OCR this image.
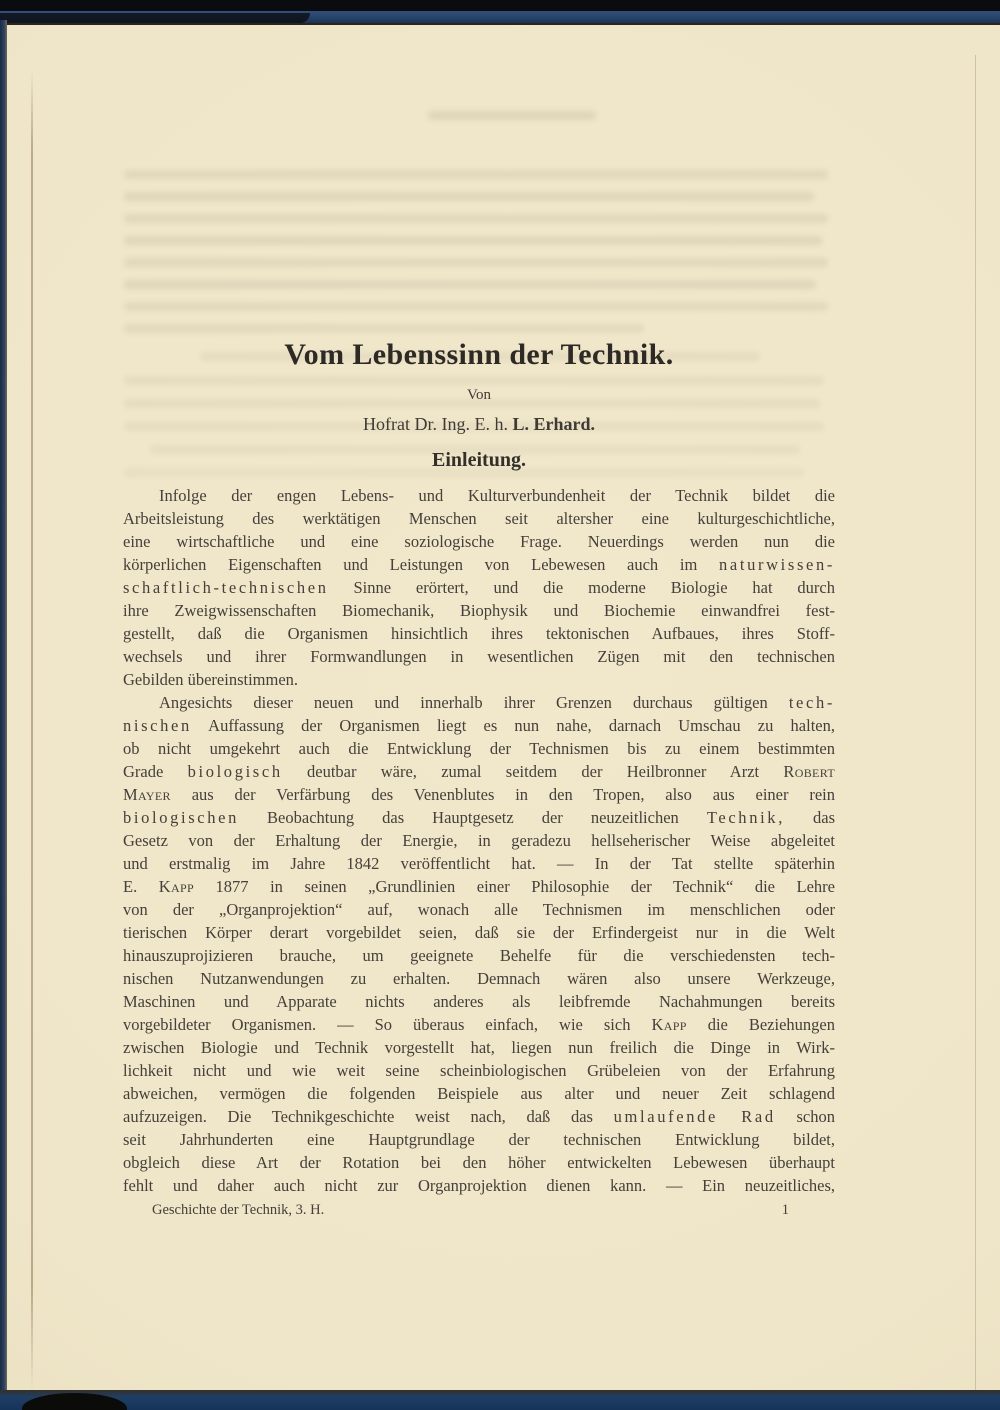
Vom Lebenssinn der Technik.
Von
Hofrat Dr. Ing. E. h. L. Erhard.
Einleitung.
Infolge der engen Lebens- und Kulturverbundenheit der Technik bildet die
Arbeitsleistung des werktätigen Menschen seit altersher eine kulturgeschichtliche,
eine wirtschaftliche und eine soziologische Frage. Neuerdings werden nun die
körperlichen Eigenschaften und Leistungen von Lebewesen auch im naturwissen-
schaftlich-technischen Sinne erörtert, und die moderne Biologie hat durch
ihre Zweigwissenschaften Biomechanik, Biophysik und Biochemie einwandfrei fest-
gestellt, daß die Organismen hinsichtlich ihres tektonischen Aufbaues, ihres Stoff-
wechsels und ihrer Formwandlungen in wesentlichen Zügen mit den technischen
Gebilden übereinstimmen.
Angesichts dieser neuen und innerhalb ihrer Grenzen durchaus gültigen tech-
nischen Auffassung der Organismen liegt es nun nahe, darnach Umschau zu halten,
ob nicht umgekehrt auch die Entwicklung der Technismen bis zu einem bestimmten
Grade biologisch deutbar wäre, zumal seitdem der Heilbronner Arzt Robert
Mayer aus der Verfärbung des Venenblutes in den Tropen, also aus einer rein
biologischen Beobachtung das Hauptgesetz der neuzeitlichen Technik, das
Gesetz von der Erhaltung der Energie, in geradezu hellseherischer Weise abgeleitet
und erstmalig im Jahre 1842 veröffentlicht hat. — In der Tat stellte späterhin
E. Kapp 1877 in seinen „Grundlinien einer Philosophie der Technik“ die Lehre
von der „Organprojektion“ auf, wonach alle Technismen im menschlichen oder
tierischen Körper derart vorgebildet seien, daß sie der Erfindergeist nur in die Welt
hinauszuprojizieren brauche, um geeignete Behelfe für die verschiedensten tech-
nischen Nutzanwendungen zu erhalten. Demnach wären also unsere Werkzeuge,
Maschinen und Apparate nichts anderes als leibfremde Nachahmungen bereits
vorgebildeter Organismen. — So überaus einfach, wie sich Kapp die Beziehungen
zwischen Biologie und Technik vorgestellt hat, liegen nun freilich die Dinge in Wirk-
lichkeit nicht und wie weit seine scheinbiologischen Grübeleien von der Erfahrung
abweichen, vermögen die folgenden Beispiele aus alter und neuer Zeit schlagend
aufzuzeigen. Die Technikgeschichte weist nach, daß das umlaufende Rad schon
seit Jahrhunderten eine Hauptgrundlage der technischen Entwicklung bildet,
obgleich diese Art der Rotation bei den höher entwickelten Lebewesen überhaupt
fehlt und daher auch nicht zur Organprojektion dienen kann. — Ein neuzeitliches,
Geschichte der Technik, 3. H.	1
